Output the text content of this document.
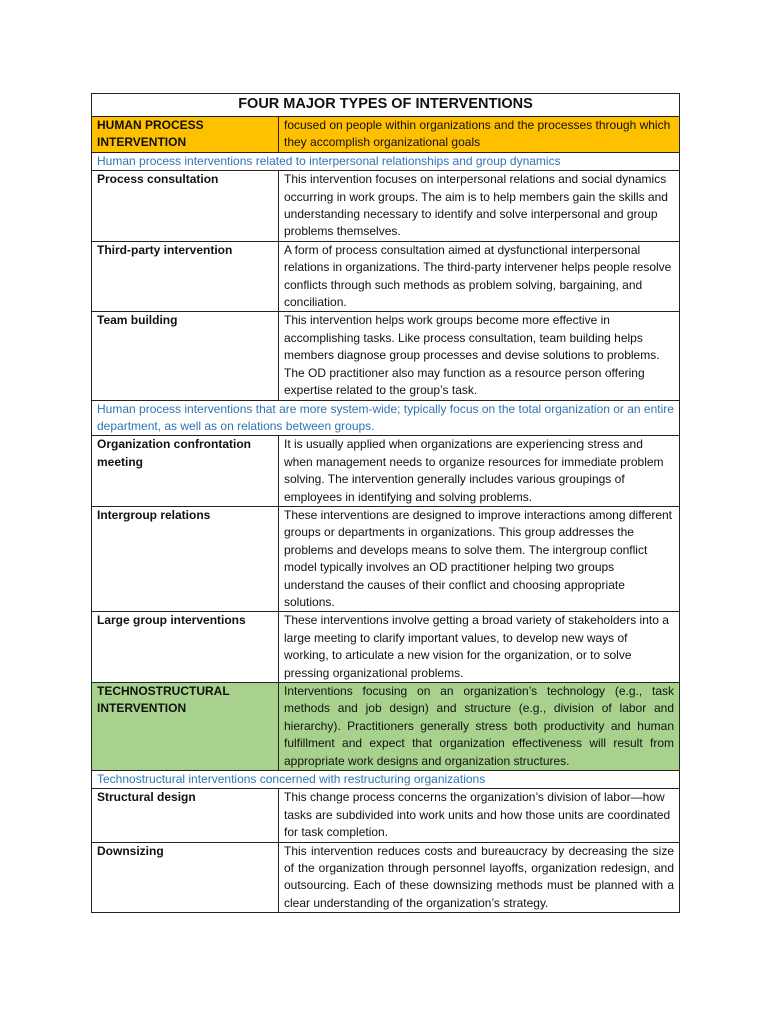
FOUR MAJOR TYPES OF INTERVENTIONS	
HUMAN PROCESS INTERVENTION	focused on people within organizations and the processes through which they accomplish organizational goals
Human process interventions related to interpersonal relationships and group dynamics	
Process consultation	This intervention focuses on interpersonal relations and social dynamics occurring in work groups. The aim is to help members gain the skills and understanding necessary to identify and solve interpersonal and group problems themselves.
Third-party intervention	A form of process consultation aimed at dysfunctional interpersonal relations in organizations. The third-party intervener helps people resolve conflicts through such methods as problem solving, bargaining, and conciliation.
Team building	This intervention helps work groups become more effective in accomplishing tasks. Like process consultation, team building helps members diagnose group processes and devise solutions to problems. The OD practitioner also may function as a resource person offering expertise related to the group’s task.
Human process interventions that are more system-wide; typically focus on the total organization or an entire department, as well as on relations between groups.	
Organization confrontation meeting	It is usually applied when organizations are experiencing stress and when management needs to organize resources for immediate problem solving. The intervention generally includes various groupings of employees in identifying and solving problems.
Intergroup relations	These interventions are designed to improve interactions among different groups or departments in organizations. This group addresses the problems and develops means to solve them. The intergroup conflict model typically involves an OD practitioner helping two groups understand the causes of their conflict and choosing appropriate solutions.
Large group interventions	These interventions involve getting a broad variety of stakeholders into a large meeting to clarify important values, to develop new ways of working, to articulate a new vision for the organization, or to solve pressing organizational problems.
TECHNOSTRUCTURAL INTERVENTION	Interventions focusing on an organization’s technology (e.g., task methods and job design) and structure (e.g., division of labor and hierarchy). Practitioners generally stress both productivity and human fulfillment and expect that organization effectiveness will result from appropriate work designs and organization structures.
Technostructural interventions concerned with restructuring organizations	
Structural design	This change process concerns the organization’s division of labor—how tasks are subdivided into work units and how those units are coordinated for task completion.
Downsizing	This intervention reduces costs and bureaucracy by decreasing the size of the organization through personnel layoffs, organization redesign, and outsourcing. Each of these downsizing methods must be planned with a clear understanding of the organization’s strategy.
